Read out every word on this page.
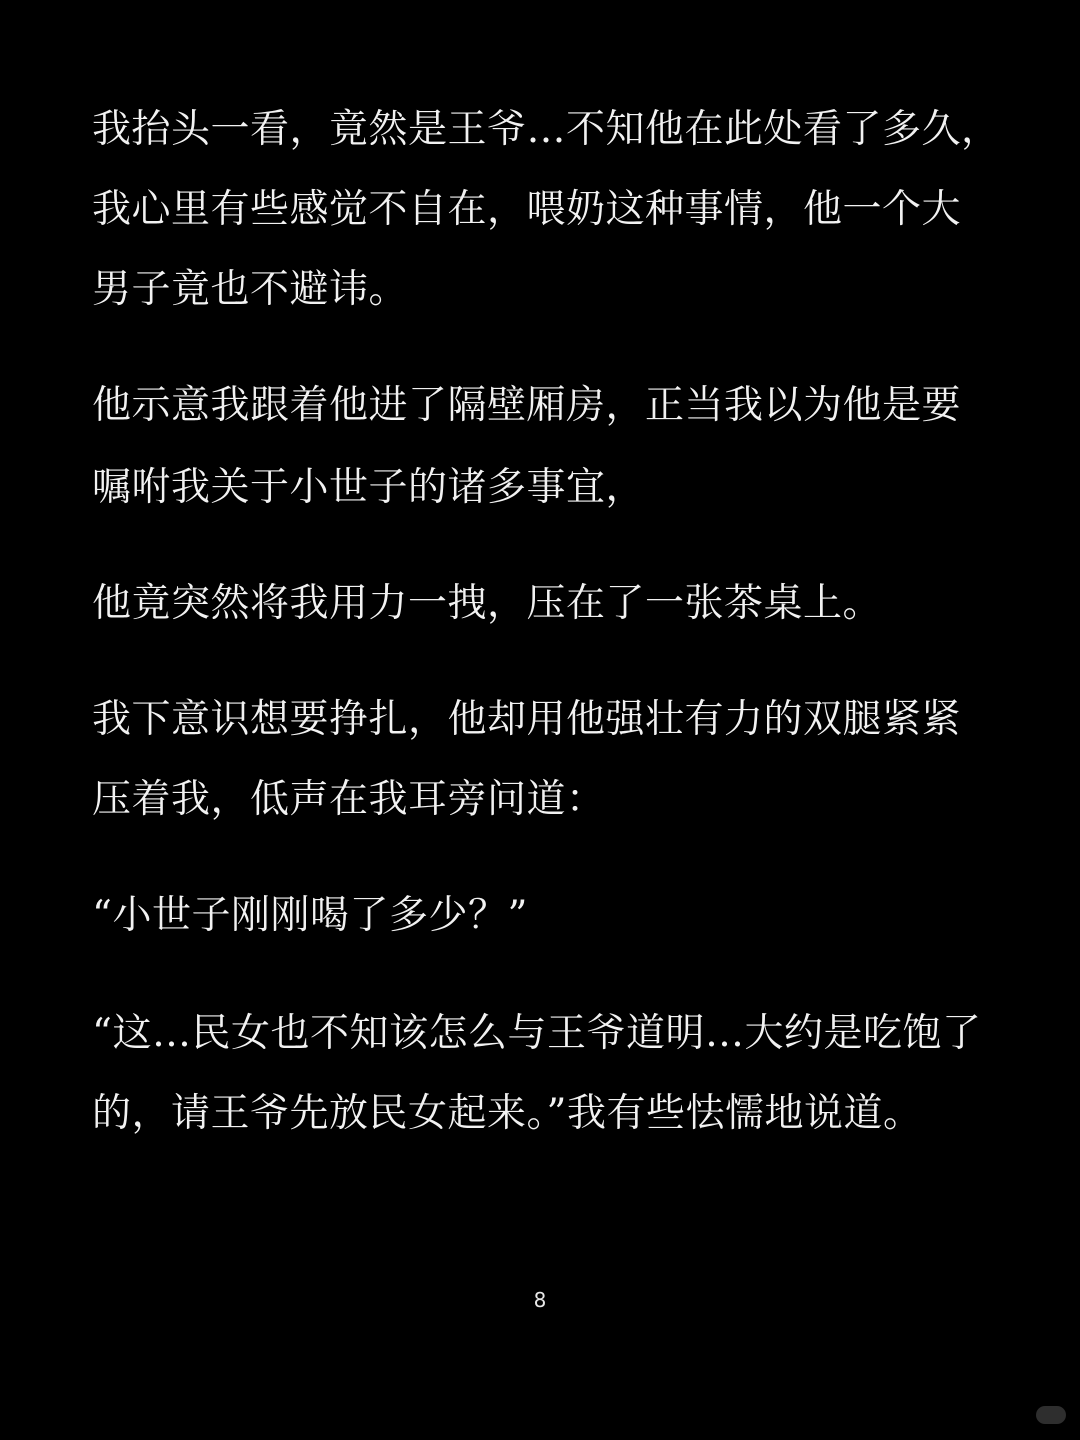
我抬头一看，竟然是王爷…不知他在此处看了多久，
我心里有些感觉不自在，喂奶这种事情，他一个大
男子竟也不避讳。
他示意我跟着他进了隔壁厢房，正当我以为他是要
嘱咐我关于小世子的诸多事宜，
他竟突然将我用力一拽，压在了一张茶桌上。
我下意识想要挣扎，他却用他强壮有力的双腿紧紧
压着我，低声在我耳旁问道：
“小世子刚刚喝了多少？”
“这…民女也不知该怎么与王爷道明…大约是吃饱了
的，请王爷先放民女起来。”我有些怯懦地说道。
8
